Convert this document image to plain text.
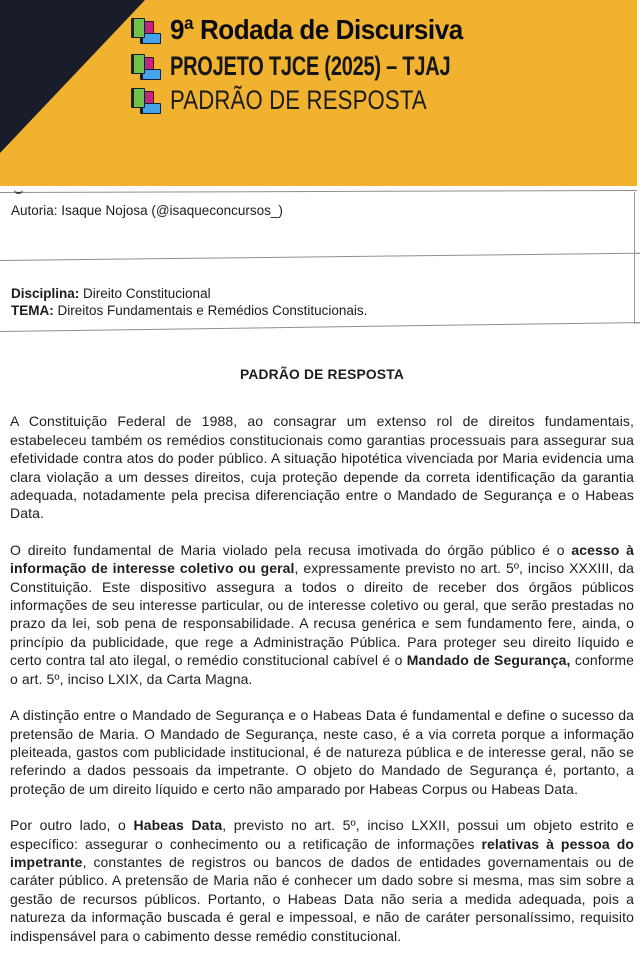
9ª Rodada de Discursiva
PROJETO TJCE (2025) – TJAJ
PADRÃO DE RESPOSTA
Autoria: Isaque Nojosa (@isaqueconcursos_)
Disciplina: Direito Constitucional
TEMA: Direitos Fundamentais e Remédios Constitucionais.
PADRÃO DE RESPOSTA

A Constituição Federal de 1988, ao consagrar um extenso rol de direitos fundamentais, estabeleceu também os remédios constitucionais como garantias processuais para assegurar sua efetividade contra atos do poder público. A situação hipotética vivenciada por Maria evidencia uma clara violação a um desses direitos, cuja proteção depende da correta identificação da garantia adequada, notadamente pela precisa diferenciação entre o Mandado de Segurança e o Habeas Data.

O direito fundamental de Maria violado pela recusa imotivada do órgão público é o acesso à informação de interesse coletivo ou geral, expressamente previsto no art. 5º, inciso XXXIII, da Constituição. Este dispositivo assegura a todos o direito de receber dos órgãos públicos informações de seu interesse particular, ou de interesse coletivo ou geral, que serão prestadas no prazo da lei, sob pena de responsabilidade. A recusa genérica e sem fundamento fere, ainda, o princípio da publicidade, que rege a Administração Pública. Para proteger seu direito líquido e certo contra tal ato ilegal, o remédio constitucional cabível é o Mandado de Segurança, conforme o art. 5º, inciso LXIX, da Carta Magna.

A distinção entre o Mandado de Segurança e o Habeas Data é fundamental e define o sucesso da pretensão de Maria. O Mandado de Segurança, neste caso, é a via correta porque a informação pleiteada, gastos com publicidade institucional, é de natureza pública e de interesse geral, não se referindo a dados pessoais da impetrante. O objeto do Mandado de Segurança é, portanto, a proteção de um direito líquido e certo não amparado por Habeas Corpus ou Habeas Data.

Por outro lado, o Habeas Data, previsto no art. 5º, inciso LXXII, possui um objeto estrito e específico: assegurar o conhecimento ou a retificação de informações relativas à pessoa do impetrante, constantes de registros ou bancos de dados de entidades governamentais ou de caráter público. A pretensão de Maria não é conhecer um dado sobre si mesma, mas sim sobre a gestão de recursos públicos. Portanto, o Habeas Data não seria a medida adequada, pois a natureza da informação buscada é geral e impessoal, e não de caráter personalíssimo, requisito indispensável para o cabimento desse remédio constitucional.
